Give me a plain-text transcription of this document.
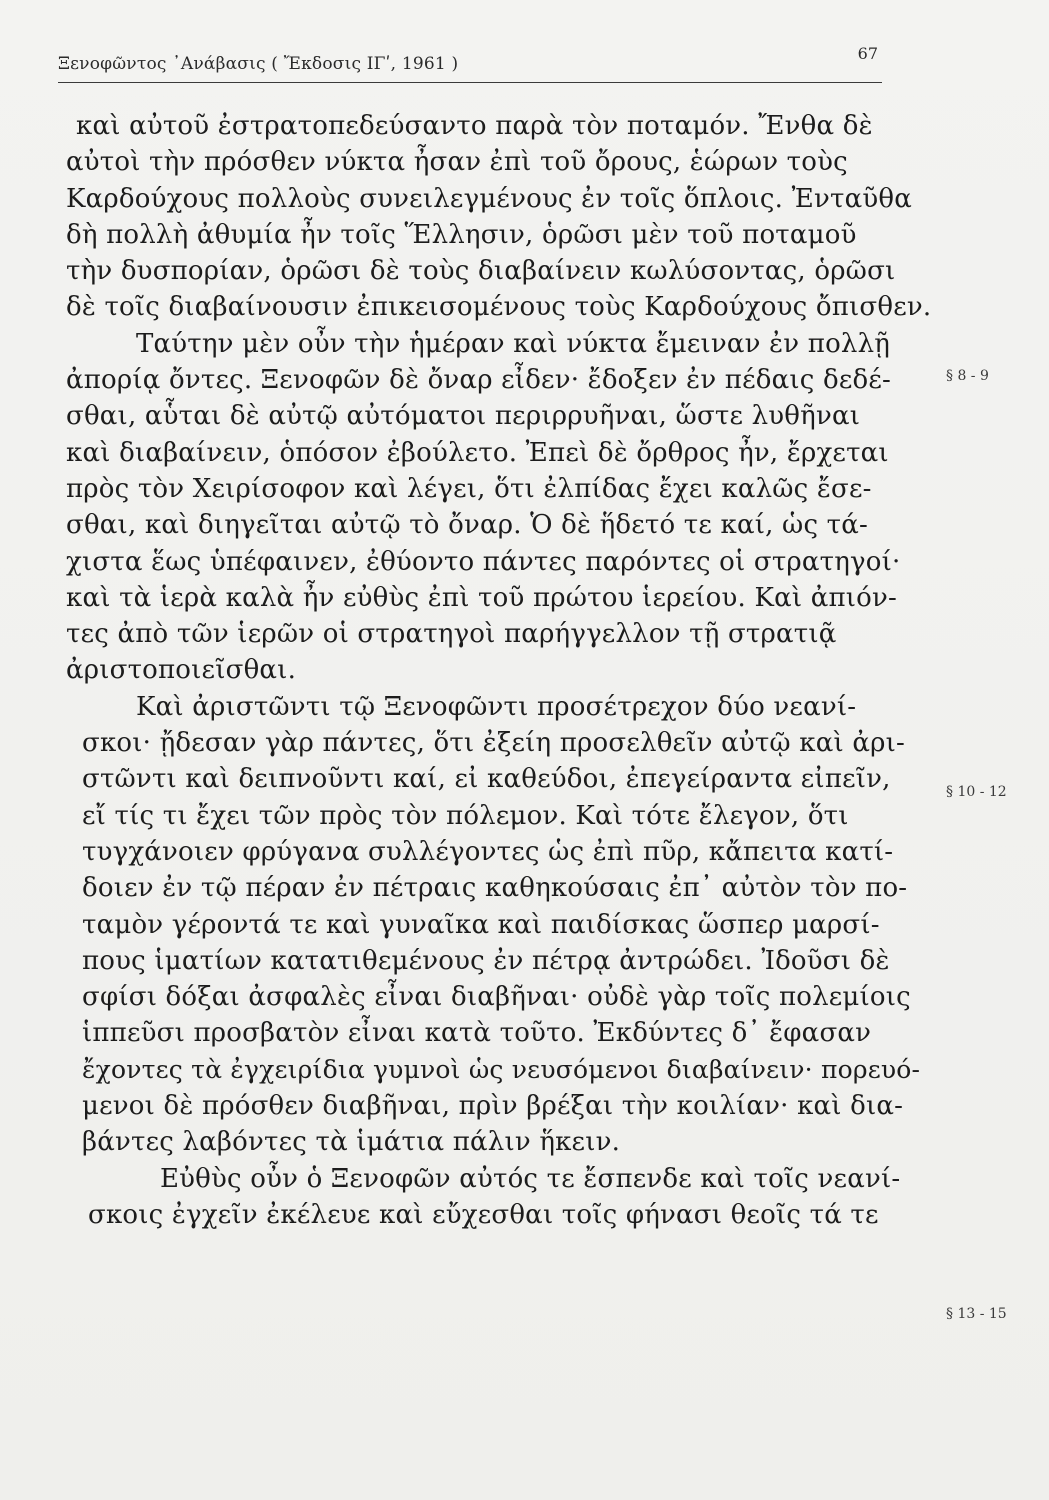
Ξενοφῶντος ᾿Ανάβασις ( Ἔκδοσις ΙΓʹ, 1961 )
67
καὶ αὐτοῦ ἐστρατοπεδεύσαντο παρὰ τὸν ποταμόν. Ἔνθα δὲ
αὐτοὶ τὴν πρόσθεν νύκτα ἦσαν ἐπὶ τοῦ ὄρους, ἑώρων τοὺς
Καρδούχους πολλοὺς συνειλεγμένους ἐν τοῖς ὅπλοις. Ἐνταῦθα
δὴ πολλὴ ἀθυμία ἦν τοῖς Ἕλλησιν, ὁρῶσι μὲν τοῦ ποταμοῦ
τὴν δυσπορίαν, ὁρῶσι δὲ τοὺς διαβαίνειν κωλύσοντας, ὁρῶσι
δὲ τοῖς διαβαίνουσιν ἐπικεισομένους τοὺς Καρδούχους ὄπισθεν.
Ταύτην μὲν οὖν τὴν ἡμέραν καὶ νύκτα ἔμειναν ἐν πολλῇ
ἀπορίᾳ ὄντες. Ξενοφῶν δὲ ὄναρ εἶδεν· ἔδοξεν ἐν πέδαις δεδέ-
σθαι, αὗται δὲ αὐτῷ αὐτόματοι περιρρυῆναι, ὥστε λυθῆναι
καὶ διαβαίνειν, ὁπόσον ἐβούλετο. Ἐπεὶ δὲ ὄρθρος ἦν, ἔρχεται
πρὸς τὸν Χειρίσοφον καὶ λέγει, ὅτι ἐλπίδας ἔχει καλῶς ἔσε-
σθαι, καὶ διηγεῖται αὐτῷ τὸ ὄναρ. Ὁ δὲ ἥδετό τε καί, ὡς τά-
χιστα ἕως ὑπέφαινεν, ἐθύοντο πάντες παρόντες οἱ στρατηγοί·
καὶ τὰ ἱερὰ καλὰ ἦν εὐθὺς ἐπὶ τοῦ πρώτου ἱερείου. Καὶ ἀπιόν-
τες ἀπὸ τῶν ἱερῶν οἱ στρατηγοὶ παρήγγελλον τῇ στρατιᾷ
ἀριστοποιεῖσθαι.
Καὶ ἀριστῶντι τῷ Ξενοφῶντι προσέτρεχον δύο νεανί-
σκοι· ᾔδεσαν γὰρ πάντες, ὅτι ἐξείη προσελθεῖν αὐτῷ καὶ ἀρι-
στῶντι καὶ δειπνοῦντι καί, εἰ καθεύδοι, ἐπεγείραντα εἰπεῖν,
εἴ τίς τι ἔχει τῶν πρὸς τὸν πόλεμον. Καὶ τότε ἔλεγον, ὅτι
τυγχάνοιεν φρύγανα συλλέγοντες ὡς ἐπὶ πῦρ, κἄπειτα κατί-
δοιεν ἐν τῷ πέραν ἐν πέτραις καθηκούσαις ἐπ᾿ αὐτὸν τὸν πο-
ταμὸν γέροντά τε καὶ γυναῖκα καὶ παιδίσκας ὥσπερ μαρσί-
πους ἱματίων κατατιθεμένους ἐν πέτρᾳ ἀντρώδει. Ἰδοῦσι δὲ
σφίσι δόξαι ἀσφαλὲς εἶναι διαβῆναι· οὐδὲ γὰρ τοῖς πολεμίοις
ἱππεῦσι προσβατὸν εἶναι κατὰ τοῦτο. Ἐκδύντες δ᾿ ἔφασαν
ἔχοντες τὰ ἐγχειρίδια γυμνοὶ ὡς νευσόμενοι διαβαίνειν· πορευό-
μενοι δὲ πρόσθεν διαβῆναι, πρὶν βρέξαι τὴν κοιλίαν· καὶ δια-
βάντες λαβόντες τὰ ἱμάτια πάλιν ἥκειν.
Εὐθὺς οὖν ὁ Ξενοφῶν αὐτός τε ἔσπενδε καὶ τοῖς νεανί-
σκοις ἐγχεῖν ἐκέλευε καὶ εὔχεσθαι τοῖς φήνασι θεοῖς τά τε
§ 8 - 9
§ 10 - 12
§ 13 - 15
